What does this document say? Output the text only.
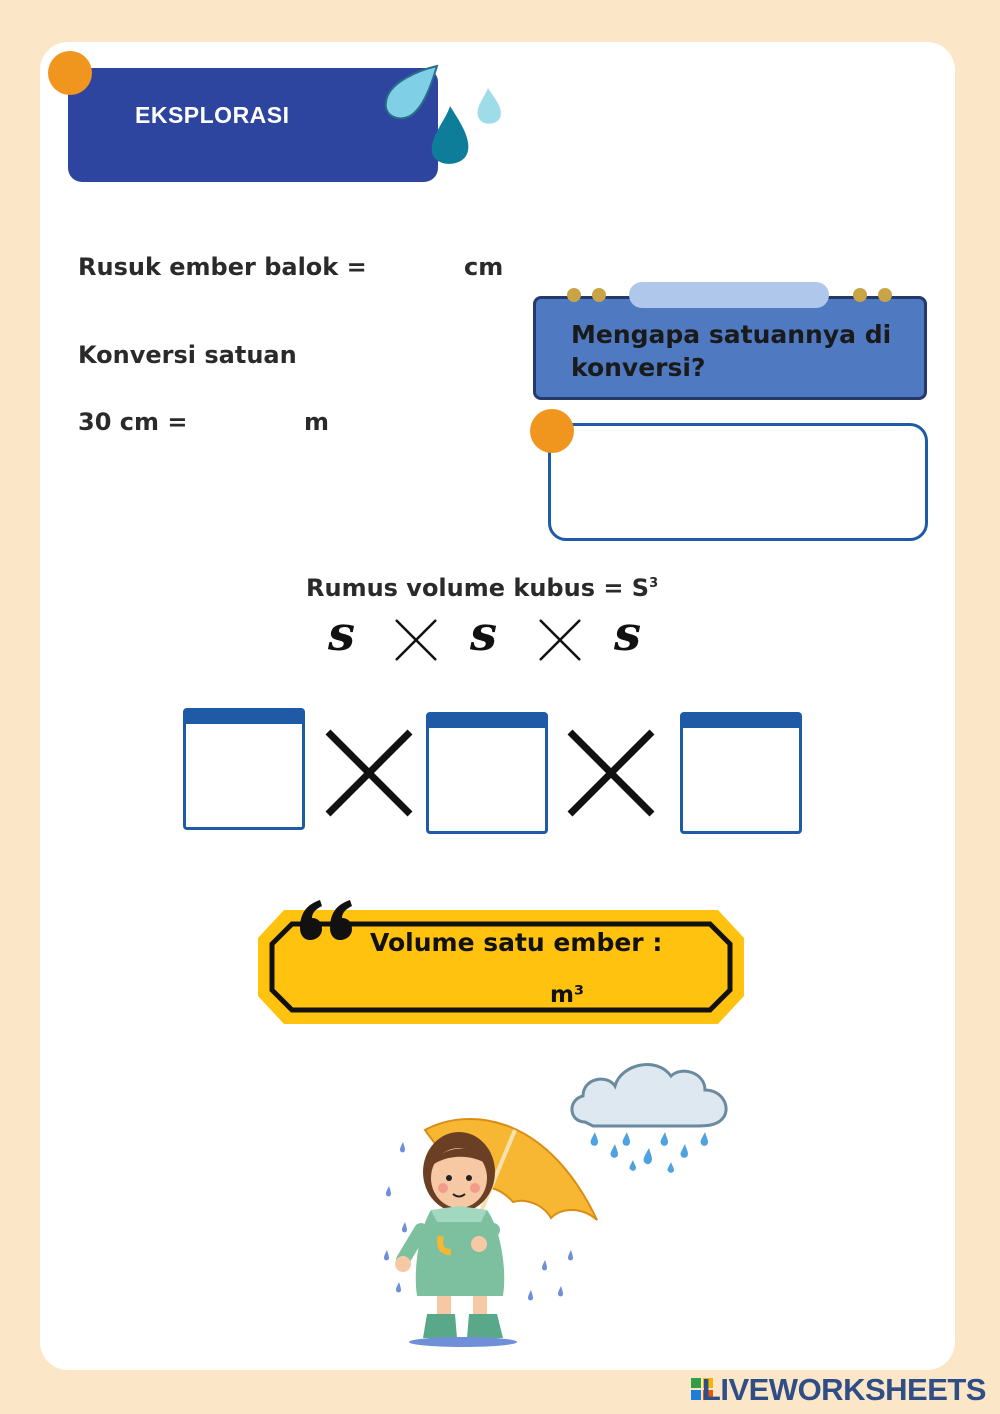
EKSPLORASI
Rusuk ember balok =	cm
Konversi satuan
30 cm =	m
Mengapa satuannya di konversi?
Rumus volume kubus = $S^3$
s s s
Volume satu ember :
m³
LIVEWORKSHEETS
